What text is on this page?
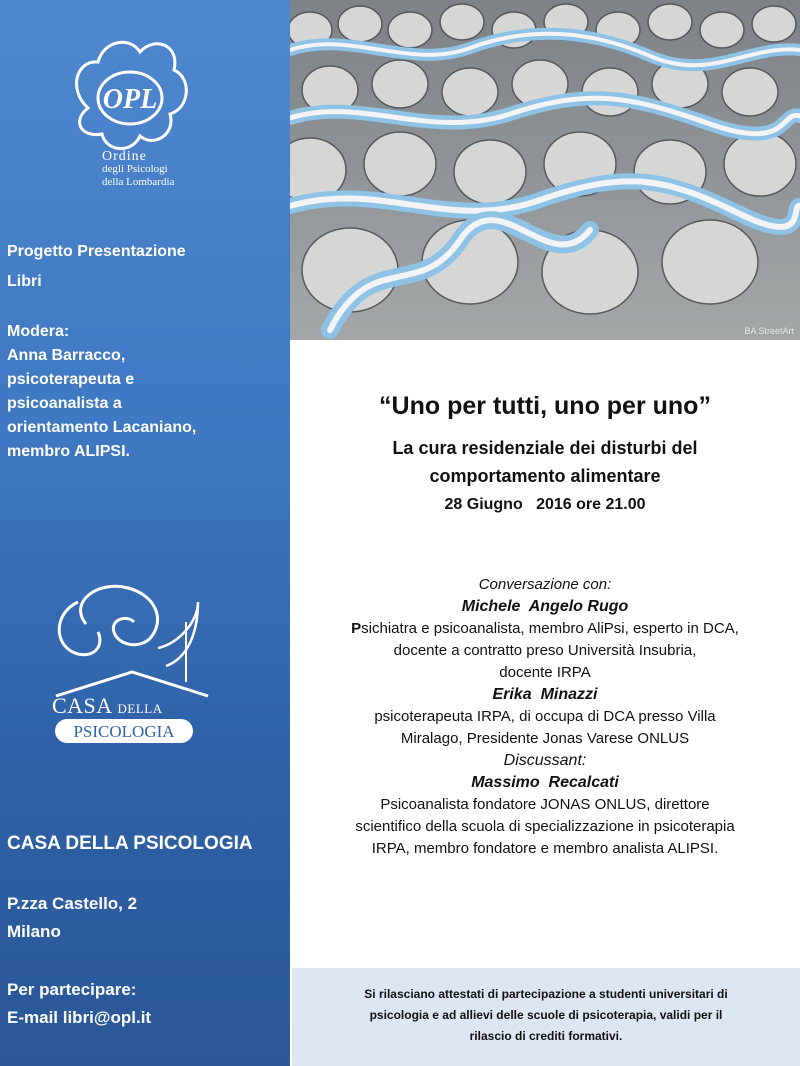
OPL
Ordine
degli Psicologi
della Lombardia
Progetto Presentazione
Libri
Modera:
Anna Barracco,
psicoterapeuta e
psicoanalista a
orientamento Lacaniano,
membro ALIPSI.
CASA DELLA
PSICOLOGIA
CASA DELLA PSICOLOGIA
P.zza Castello, 2
Milano
Per partecipare:
E-mail libri@opl.it
BA StreetArt
“Uno per tutti, uno per uno”
La cura residenziale dei disturbi del
comportamento alimentare
28 Giugno   2016 ore 21.00
Conversazione con:
Michele  Angelo Rugo
Psichiatra e psicoanalista, membro AliPsi, esperto in DCA,
docente a contratto preso Università Insubria,
docente IRPA
Erika  Minazzi
psicoterapeuta IRPA, di occupa di DCA presso Villa
Miralago, Presidente Jonas Varese ONLUS
Discussant:
Massimo  Recalcati
Psicoanalista fondatore JONAS ONLUS, direttore
scientifico della scuola di specializzazione in psicoterapia
IRPA, membro fondatore e membro analista ALIPSI.
Si rilasciano attestati di partecipazione a studenti universitari di
psicologia e ad allievi delle scuole di psicoterapia, validi per il
rilascio di crediti formativi.
